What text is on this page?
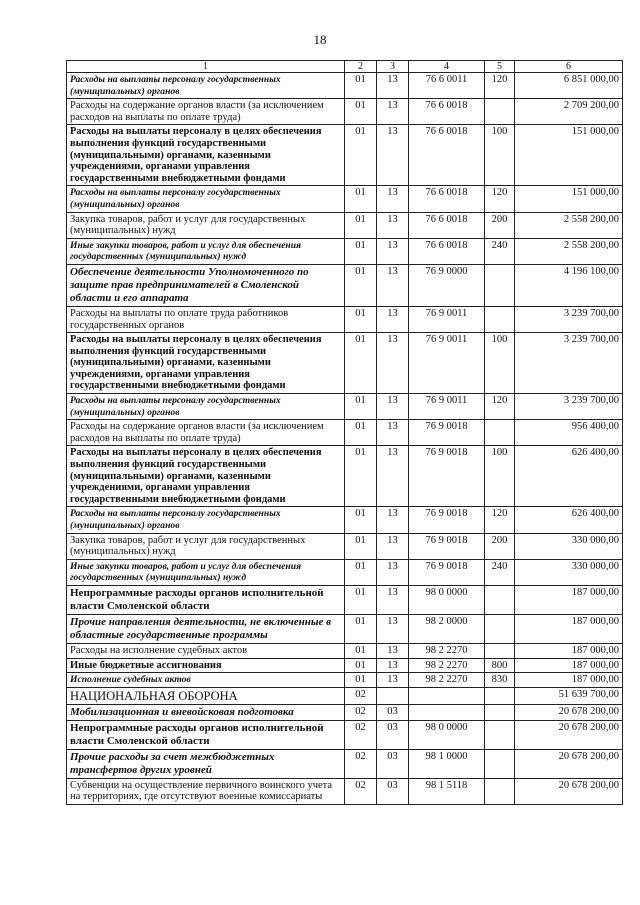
18
1	2	3	4	5	6
Расходы на выплаты персоналу государственных (муниципальных) органов	01	13	76 6 0011	120	6 851 000,00
Расходы на содержание органов власти (за исключением расходов на выплаты по оплате труда)	01	13	76 6 0018		2 709 200,00
Расходы на выплаты персоналу в целях обеспечения выполнения функций государственными (муниципальными) органами, казенными учреждениями, органами управления государственными внебюджетными фондами	01	13	76 6 0018	100	151 000,00
Расходы на выплаты персоналу государственных (муниципальных) органов	01	13	76 6 0018	120	151 000,00
Закупка товаров, работ и услуг для государственных (муниципальных) нужд	01	13	76 6 0018	200	2 558 200,00
Иные закупки товаров, работ и услуг для обеспечения государственных (муниципальных) нужд	01	13	76 6 0018	240	2 558 200,00
Обеспечение деятельности Уполномоченного по защите прав предпринимателей в Смоленской области и его аппарата	01	13	76 9 0000		4 196 100,00
Расходы на выплаты по оплате труда работников государственных органов	01	13	76 9 0011		3 239 700,00
Расходы на выплаты персоналу в целях обеспечения выполнения функций государственными (муниципальными) органами, казенными учреждениями, органами управления государственными внебюджетными фондами	01	13	76 9 0011	100	3 239 700,00
Расходы на выплаты персоналу государственных (муниципальных) органов	01	13	76 9 0011	120	3 239 700,00
Расходы на содержание органов власти (за исключением расходов на выплаты по оплате труда)	01	13	76 9 0018		956 400,00
Расходы на выплаты персоналу в целях обеспечения выполнения функций государственными (муниципальными) органами, казенными учреждениями, органами управления государственными внебюджетными фондами	01	13	76 9 0018	100	626 400,00
Расходы на выплаты персоналу государственных (муниципальных) органов	01	13	76 9 0018	120	626 400,00
Закупка товаров, работ и услуг для государственных (муниципальных) нужд	01	13	76 9 0018	200	330 000,00
Иные закупки товаров, работ и услуг для обеспечения государственных (муниципальных) нужд	01	13	76 9 0018	240	330 000,00
Непрограммные расходы органов исполнительной власти Смоленской области	01	13	98 0 0000		187 000,00
Прочие направления деятельности, не включенные в областные государственные программы	01	13	98 2 0000		187 000,00
Расходы на исполнение судебных актов	01	13	98 2 2270		187 000,00
Иные бюджетные ассигнования	01	13	98 2 2270	800	187 000,00
Исполнение судебных актов	01	13	98 2 2270	830	187 000,00
НАЦИОНАЛЬНАЯ ОБОРОНА	02				51 639 700,00
Мобилизационная и вневойсковая подготовка	02	03			20 678 200,00
Непрограммные расходы органов исполнительной власти Смоленской области	02	03	98 0 0000		20 678 200,00
Прочие расходы за счет межбюджетных трансфертов других уровней	02	03	98 1 0000		20 678 200,00
Субвенции на осуществление первичного воинского учета на территориях, где отсутствуют военные комиссариаты	02	03	98 1 5118		20 678 200,00
